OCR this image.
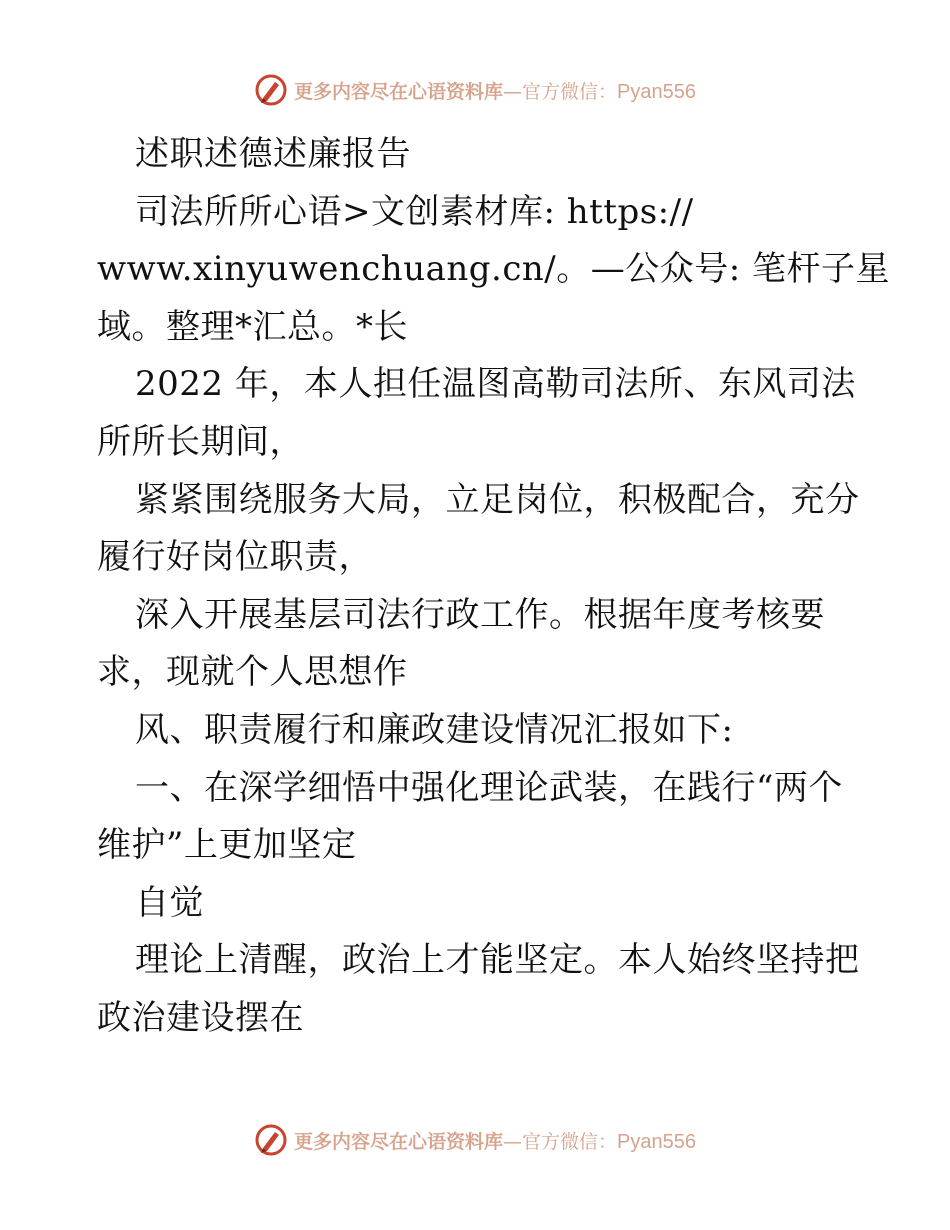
更多内容尽在心语资料库 — 官方微信： Pyan556
述职述德述廉报告
司法所所心语>文创素材库: https://
www.xinyuwenchuang.cn/。—公众号: 笔杆子星
域。整理*汇总。*长
2022 年，本人担任温图高勒司法所、东风司法
所所长期间，
紧紧围绕服务大局，立足岗位，积极配合，充分
履行好岗位职责，
深入开展基层司法行政工作。根据年度考核要
求，现就个人思想作
风、职责履行和廉政建设情况汇报如下:
一、在深学细悟中强化理论武装，在践行“两个
维护”上更加坚定
自觉
理论上清醒，政治上才能坚定。本人始终坚持把
政治建设摆在
更多内容尽在心语资料库 — 官方微信： Pyan556
